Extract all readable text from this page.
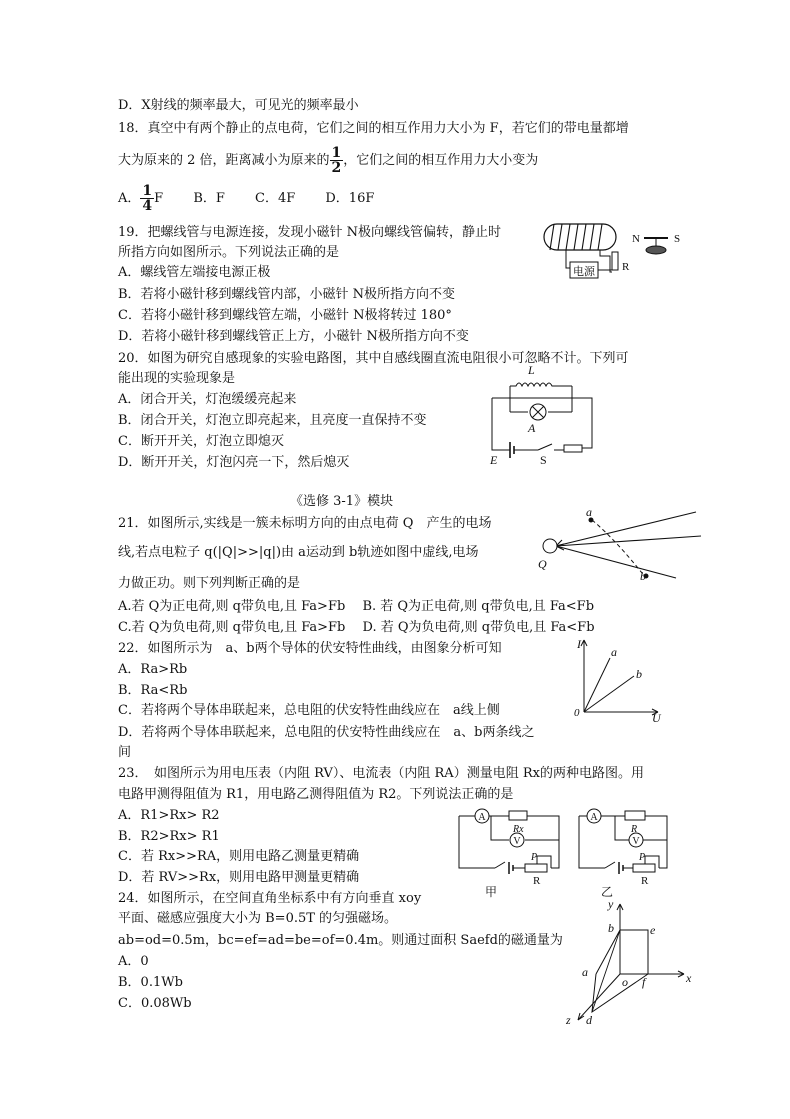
D．X射线的频率最大，可见光的频率最小
18．真空中有两个静止的点电荷，它们之间的相互作用力大小为 F，若它们的带电量都增
大为原来的 2 倍，距离减小为原来的 $\frac{1}{2}$ ，它们之间的相互作用力大小变为
A． $\frac{1}{4}$ F　　 B．F　　 C．4F　　 D．16F
19．把螺线管与电源连接，发现小磁针 N极向螺线管偏转，静止时
所指方向如图所示。下列说法正确的是
A．螺线管左端接电源正极
B．若将小磁针移到螺线管内部，小磁针 N极所指方向不变
C．若将小磁针移到螺线管左端，小磁针 N极将转过 180°
D．若将小磁针移到螺线管正上方，小磁针 N极所指方向不变
电源 R
N	S
20．如图为研究自感现象的实验电路图，其中自感线圈直流电阻很小可忽略不计。下列可
能出现的实验现象是
A．闭合开关，灯泡缓缓亮起来
B．闭合开关，灯泡立即亮起来，且亮度一直保持不变
C．断开开关，灯泡立即熄灭
D．断开开关，灯泡闪亮一下，然后熄灭
L
A
E	S
《选修 3-1》模块
21．如图所示,实线是一簇未标明方向的由点电荷 Q　产生的电场
线,若点电粒子 q(|Q|>>|q|)由 a运动到 b轨迹如图中虚线,电场
力做正功。则下列判断正确的是
A.若 Q为正电荷,则 q带负电,且 Fa>Fb　 B. 若 Q为正电荷,则 q带负电,且 Fa<Fb
C.若 Q为负电荷,则 q带负电,且 Fa>Fb　 D. 若 Q为负电荷,则 q带负电,且 Fa<Fb
a
b
Q
22．如图所示为　a、b两个导体的伏安特性曲线，由图象分析可知
A．Ra>Rb
B．Ra<Rb
C．若将两个导体串联起来，总电阻的伏安特性曲线应在　a线上侧
D．若将两个导体串联起来，总电阻的伏安特性曲线应在　a、b两条线之
间
I
U
0
a
b
23．　如图所示为用电压表（内阻 RV）、电流表（内阻 RA）测量电阻 Rx的两种电路图。用
电路甲测得阻值为 R1，用电路乙测得阻值为 R2。下列说法正确的是
A．R1>Rx> R2
B．R2>Rx> R1
C．若 Rx>>RA，则用电路乙测量更精确
D．若 RV>>Rx，则用电路甲测量更精确
A
V
Rx
P
R
甲
A
V
R
P
R
乙
24．如图所示，在空间直角坐标系中有方向垂直 xoy
平面、磁感应强度大小为 B=0.5T 的匀强磁场。
ab=od=0.5m，bc=ef=ad=be=of=0.4m。则通过面积 Saefd的磁通量为
A．0
B．0.1Wb
C．0.08Wb
y
x
z
o
b	e
a
f
d
